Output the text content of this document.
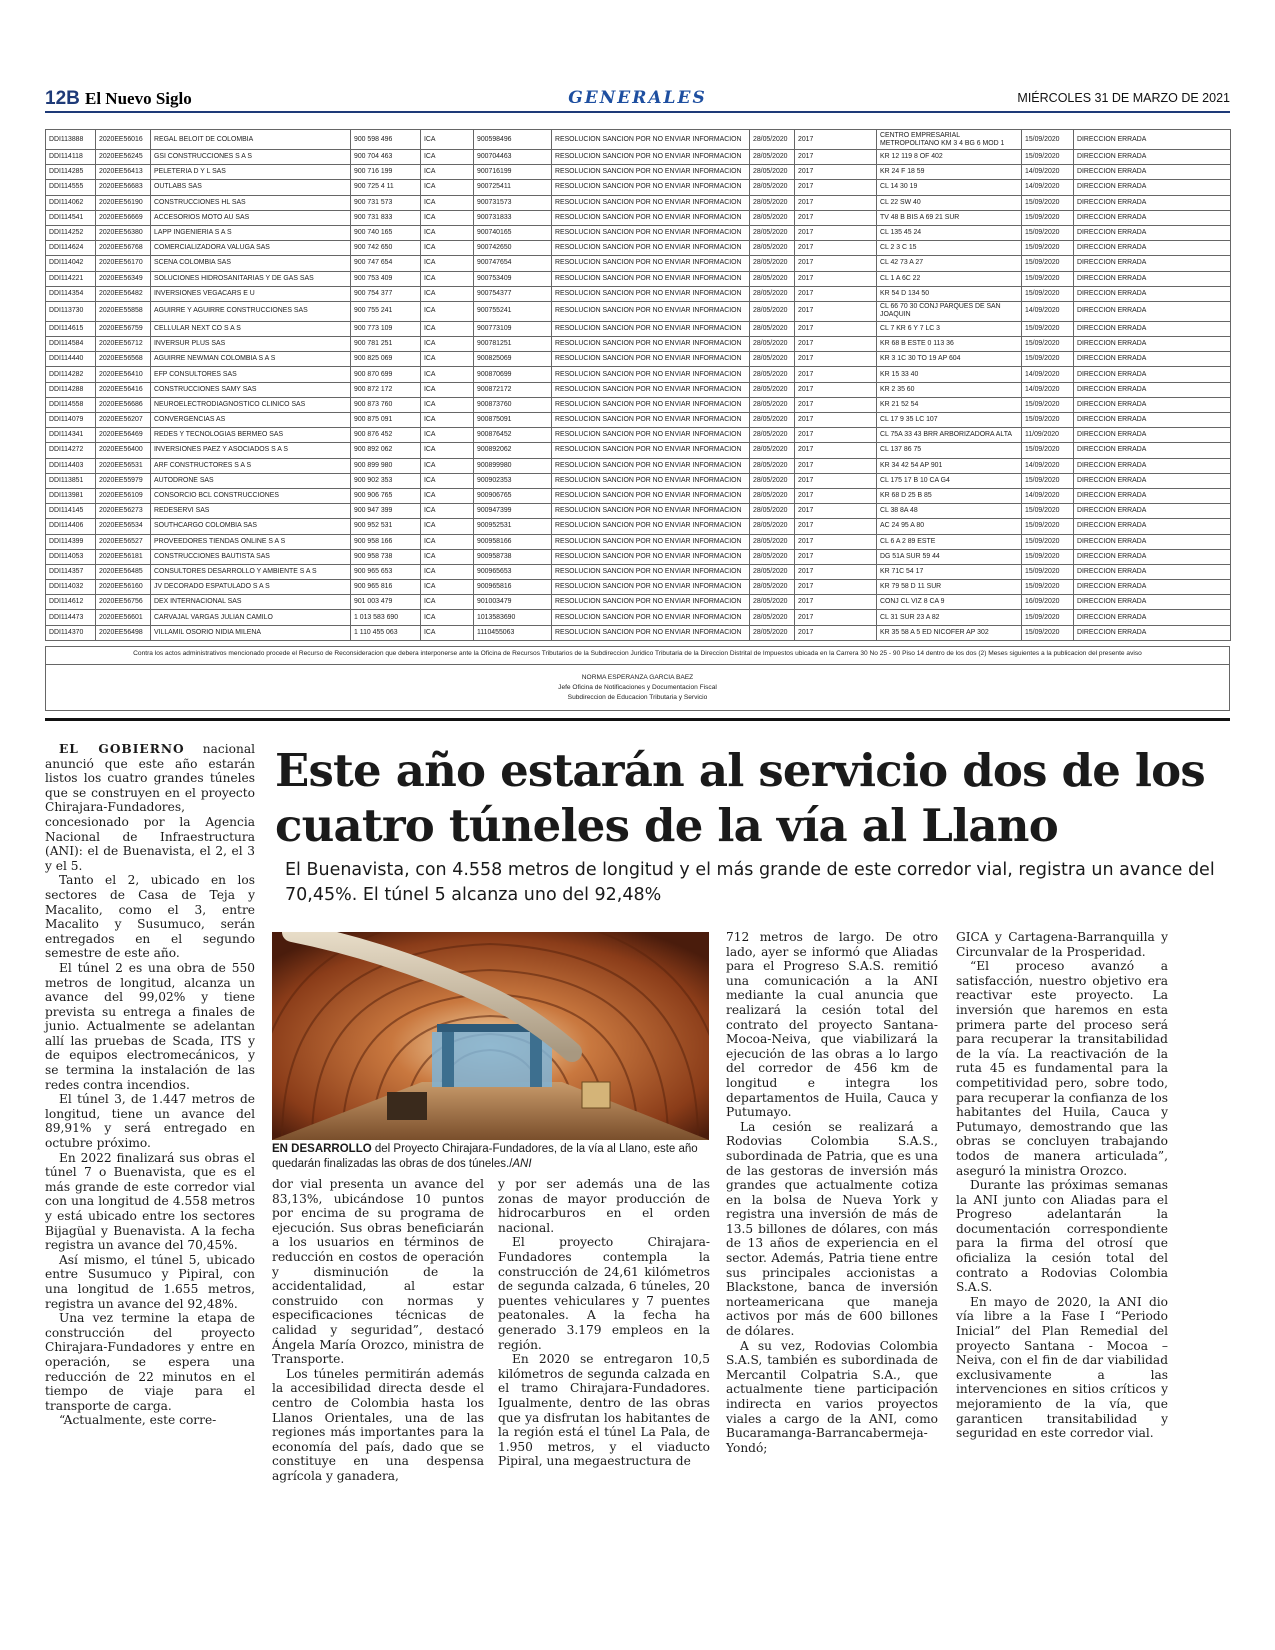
12B El Nuevo Siglo	GENERALES	MIÉRCOLES 31 DE MARZO DE 2021
DDI113888	2020EE56016	REGAL BELOIT DE COLOMBIA	900 598 496	ICA	900598496	RESOLUCION SANCION POR NO ENVIAR INFORMACION	28/05/2020	2017	CENTRO EMPRESARIAL METROPOLITANO KM 3 4 BG 6 MOD 1	15/09/2020	DIRECCION ERRADA
DDI114118	2020EE56245	GSI CONSTRUCCIONES S A S	900 704 463	ICA	900704463	RESOLUCION SANCION POR NO ENVIAR INFORMACION	28/05/2020	2017	KR 12 119 8 OF 402	15/09/2020	DIRECCION ERRADA
DDI114285	2020EE56413	PELETERIA D Y L SAS	900 716 199	ICA	900716199	RESOLUCION SANCION POR NO ENVIAR INFORMACION	28/05/2020	2017	KR 24 F 18 59	14/09/2020	DIRECCION ERRADA
DDI114555	2020EE56683	OUTLABS SAS	900 725 4 11	ICA	900725411	RESOLUCION SANCION POR NO ENVIAR INFORMACION	28/05/2020	2017	CL 14 30 19	14/09/2020	DIRECCION ERRADA
DDI114062	2020EE56190	CONSTRUCCIONES HL SAS	900 731 573	ICA	900731573	RESOLUCION SANCION POR NO ENVIAR INFORMACION	28/05/2020	2017	CL 22 SW 40	15/09/2020	DIRECCION ERRADA
DDI114541	2020EE56669	ACCESORIOS MOTO AU SAS	900 731 833	ICA	900731833	RESOLUCION SANCION POR NO ENVIAR INFORMACION	28/05/2020	2017	TV 48 B BIS A 69 21 SUR	15/09/2020	DIRECCION ERRADA
DDI114252	2020EE56380	LAPP INGENIERIA S A S	900 740 165	ICA	900740165	RESOLUCION SANCION POR NO ENVIAR INFORMACION	28/05/2020	2017	CL 135 45 24	15/09/2020	DIRECCION ERRADA
DDI114624	2020EE56768	COMERCIALIZADORA VALUGA SAS	900 742 650	ICA	900742650	RESOLUCION SANCION POR NO ENVIAR INFORMACION	28/05/2020	2017	CL 2 3 C 15	15/09/2020	DIRECCION ERRADA
DDI114042	2020EE56170	SCENA COLOMBIA SAS	900 747 654	ICA	900747654	RESOLUCION SANCION POR NO ENVIAR INFORMACION	28/05/2020	2017	CL 42 73 A 27	15/09/2020	DIRECCION ERRADA
DDI114221	2020EE56349	SOLUCIONES HIDROSANITARIAS Y DE GAS SAS	900 753 409	ICA	900753409	RESOLUCION SANCION POR NO ENVIAR INFORMACION	28/05/2020	2017	CL 1 A 6C 22	15/09/2020	DIRECCION ERRADA
DDI114354	2020EE56482	INVERSIONES VEGACARS E U	900 754 377	ICA	900754377	RESOLUCION SANCION POR NO ENVIAR INFORMACION	28/05/2020	2017	KR 54 D 134 50	15/09/2020	DIRECCION ERRADA
DDI113730	2020EE55858	AGUIRRE Y AGUIRRE CONSTRUCCIONES SAS	900 755 241	ICA	900755241	RESOLUCION SANCION POR NO ENVIAR INFORMACION	28/05/2020	2017	CL 66 70 30 CONJ PARQUES DE SAN JOAQUIN	14/09/2020	DIRECCION ERRADA
DDI114615	2020EE56759	CELLULAR NEXT CO S A S	900 773 109	ICA	900773109	RESOLUCION SANCION POR NO ENVIAR INFORMACION	28/05/2020	2017	CL 7 KR 6 Y 7 LC 3	15/09/2020	DIRECCION ERRADA
DDI114584	2020EE56712	INVERSUR PLUS SAS	900 781 251	ICA	900781251	RESOLUCION SANCION POR NO ENVIAR INFORMACION	28/05/2020	2017	KR 68 B ESTE 0 113 36	15/09/2020	DIRECCION ERRADA
DDI114440	2020EE56568	AGUIRRE NEWMAN COLOMBIA S A S	900 825 069	ICA	900825069	RESOLUCION SANCION POR NO ENVIAR INFORMACION	28/05/2020	2017	KR 3 1C 30 TO 19 AP 604	15/09/2020	DIRECCION ERRADA
DDI114282	2020EE56410	EFP CONSULTORES SAS	900 870 699	ICA	900870699	RESOLUCION SANCION POR NO ENVIAR INFORMACION	28/05/2020	2017	KR 15 33 40	14/09/2020	DIRECCION ERRADA
DDI114288	2020EE56416	CONSTRUCCIONES SAMY SAS	900 872 172	ICA	900872172	RESOLUCION SANCION POR NO ENVIAR INFORMACION	28/05/2020	2017	KR 2 35 60	14/09/2020	DIRECCION ERRADA
DDI114558	2020EE56686	NEUROELECTRODIAGNOSTICO CLINICO SAS	900 873 760	ICA	900873760	RESOLUCION SANCION POR NO ENVIAR INFORMACION	28/05/2020	2017	KR 21 52 54	15/09/2020	DIRECCION ERRADA
DDI114079	2020EE56207	CONVERGENCIAS AS	900 875 091	ICA	900875091	RESOLUCION SANCION POR NO ENVIAR INFORMACION	28/05/2020	2017	CL 17 9 35 LC 107	15/09/2020	DIRECCION ERRADA
DDI114341	2020EE56469	REDES Y TECNOLOGIAS BERMEO SAS	900 876 452	ICA	900876452	RESOLUCION SANCION POR NO ENVIAR INFORMACION	28/05/2020	2017	CL 75A 33 43 BRR ARBORIZADORA ALTA	11/09/2020	DIRECCION ERRADA
DDI114272	2020EE56400	INVERSIONES PAEZ Y ASOCIADOS S A S	900 892 062	ICA	900892062	RESOLUCION SANCION POR NO ENVIAR INFORMACION	28/05/2020	2017	CL 137 86 75	15/09/2020	DIRECCION ERRADA
DDI114403	2020EE56531	ARF CONSTRUCTORES S A S	900 899 980	ICA	900899980	RESOLUCION SANCION POR NO ENVIAR INFORMACION	28/05/2020	2017	KR 34 42 54 AP 901	14/09/2020	DIRECCION ERRADA
DDI113851	2020EE55979	AUTODRONE SAS	900 902 353	ICA	900902353	RESOLUCION SANCION POR NO ENVIAR INFORMACION	28/05/2020	2017	CL 175 17 B 10 CA G4	15/09/2020	DIRECCION ERRADA
DDI113981	2020EE56109	CONSORCIO BCL CONSTRUCCIONES	900 906 765	ICA	900906765	RESOLUCION SANCION POR NO ENVIAR INFORMACION	28/05/2020	2017	KR 68 D 25 B 85	14/09/2020	DIRECCION ERRADA
DDI114145	2020EE56273	REDESERVI SAS	900 947 399	ICA	900947399	RESOLUCION SANCION POR NO ENVIAR INFORMACION	28/05/2020	2017	CL 38 8A 48	15/09/2020	DIRECCION ERRADA
DDI114406	2020EE56534	SOUTHCARGO COLOMBIA SAS	900 952 531	ICA	900952531	RESOLUCION SANCION POR NO ENVIAR INFORMACION	28/05/2020	2017	AC 24 95 A 80	15/09/2020	DIRECCION ERRADA
DDI114399	2020EE56527	PROVEEDORES TIENDAS ONLINE S A S	900 958 166	ICA	900958166	RESOLUCION SANCION POR NO ENVIAR INFORMACION	28/05/2020	2017	CL 6 A 2 89 ESTE	15/09/2020	DIRECCION ERRADA
DDI114053	2020EE56181	CONSTRUCCIONES BAUTISTA SAS	900 958 738	ICA	900958738	RESOLUCION SANCION POR NO ENVIAR INFORMACION	28/05/2020	2017	DG 51A SUR 59 44	15/09/2020	DIRECCION ERRADA
DDI114357	2020EE56485	CONSULTORES DESARROLLO Y AMBIENTE S A S	900 965 653	ICA	900965653	RESOLUCION SANCION POR NO ENVIAR INFORMACION	28/05/2020	2017	KR 71C 54 17	15/09/2020	DIRECCION ERRADA
DDI114032	2020EE56160	JV DECORADO ESPATULADO S A S	900 965 816	ICA	900965816	RESOLUCION SANCION POR NO ENVIAR INFORMACION	28/05/2020	2017	KR 79 58 D 11 SUR	15/09/2020	DIRECCION ERRADA
DDI114612	2020EE56756	DEX INTERNACIONAL SAS	901 003 479	ICA	901003479	RESOLUCION SANCION POR NO ENVIAR INFORMACION	28/05/2020	2017	CONJ CL VIZ 8 CA 9	16/09/2020	DIRECCION ERRADA
DDI114473	2020EE56601	CARVAJAL VARGAS JULIAN CAMILO	1 013 583 690	ICA	1013583690	RESOLUCION SANCION POR NO ENVIAR INFORMACION	28/05/2020	2017	CL 31 SUR 23 A 82	15/09/2020	DIRECCION ERRADA
DDI114370	2020EE56498	VILLAMIL OSORIO NIDIA MILENA	1 110 455 063	ICA	1110455063	RESOLUCION SANCION POR NO ENVIAR INFORMACION	28/05/2020	2017	KR 35 58 A 5 ED NICOFER AP 302	15/09/2020	DIRECCION ERRADA
Contra los actos administrativos mencionado procede el Recurso de Reconsideracion que debera interponerse ante la Oficina de Recursos Tributarios de la Subdireccion Juridico Tributaria de la Direccion Distrital de Impuestos ubicada en la Carrera 30 No 25 - 90 Piso 14 dentro de los dos (2) Meses siguientes a la publicacion del presente aviso
NORMA ESPERANZA GARCIA BAEZ
Jefe Oficina de Notificaciones y Documentacion Fiscal
Subdireccion de Educacion Tributaria y Servicio

EL GOBIERNO nacional anunció que este año estarán listos los cuatro grandes túneles que se construyen en el proyecto Chirajara-Fundadores, concesionado por la Agencia Nacional de Infraestructura (ANI): el de Buenavista, el 2, el 3 y el 5.

Tanto el 2, ubicado en los sectores de Casa de Teja y Macalito, como el 3, entre Macalito y Susumuco, serán entregados en el segundo semestre de este año.

El túnel 2 es una obra de 550 metros de longitud, alcanza un avance del 99,02% y tiene prevista su entrega a finales de junio. Actualmente se adelantan allí las pruebas de Scada, ITS y de equipos electromecánicos, y se termina la instalación de las redes contra incendios.

El túnel 3, de 1.447 metros de longitud, tiene un avance del 89,91% y será entregado en octubre próximo.

En 2022 finalizará sus obras el túnel 7 o Buenavista, que es el más grande de este corredor vial con una longitud de 4.558 metros y está ubicado entre los sectores Bijagüal y Buenavista. A la fecha registra un avance del 70,45%.

Así mismo, el túnel 5, ubicado entre Susumuco y Pipiral, con una longitud de 1.655 metros, registra un avance del 92,48%.

Una vez termine la etapa de construcción del proyecto Chirajara-Fundadores y entre en operación, se espera una reducción de 22 minutos en el tiempo de viaje para el transporte de carga.

“Actualmente, este corre-

Este año estarán al servicio dos de los cuatro túneles de la vía al Llano

El Buenavista, con 4.558 metros de longitud y el más grande de este corredor vial, registra un avance del 70,45%. El túnel 5 alcanza uno del 92,48%

EN DESARROLLO del Proyecto Chirajara-Fundadores, de la vía al Llano, este año quedarán finalizadas las obras de dos túneles./ANI

dor vial presenta un avance del 83,13%, ubicándose 10 puntos por encima de su programa de ejecución. Sus obras beneficiarán a los usuarios en términos de reducción en costos de operación y disminución de la accidentalidad, al estar construido con normas y especificaciones técnicas de calidad y seguridad”, destacó Ángela María Orozco, ministra de Transporte.

Los túneles permitirán además la accesibilidad directa desde el centro de Colombia hasta los Llanos Orientales, una de las regiones más importantes para la economía del país, dado que se constituye en una despensa agrícola y ganadera,

y por ser además una de las zonas de mayor producción de hidrocarburos en el orden nacional.

El proyecto Chirajara-Fundadores contempla la construcción de 24,61 kilómetros de segunda calzada, 6 túneles, 20 puentes vehiculares y 7 puentes peatonales. A la fecha ha generado 3.179 empleos en la región.

En 2020 se entregaron 10,5 kilómetros de segunda calzada en el tramo Chirajara-Fundadores. Igualmente, dentro de las obras que ya disfrutan los habitantes de la región está el túnel La Pala, de 1.950 metros, y el viaducto Pipiral, una megaestructura de

712 metros de largo. De otro lado, ayer se informó que Aliadas para el Progreso S.A.S. remitió una comunicación a la ANI mediante la cual anuncia que realizará la cesión total del contrato del proyecto Santana-Mocoa-Neiva, que viabilizará la ejecución de las obras a lo largo del corredor de 456 km de longitud e integra los departamentos de Huila, Cauca y Putumayo.

La cesión se realizará a Rodovias Colombia S.A.S., subordinada de Patria, que es una de las gestoras de inversión más grandes que actualmente cotiza en la bolsa de Nueva York y registra una inversión de más de 13.5 billones de dólares, con más de 13 años de experiencia en el sector. Además, Patria tiene entre sus principales accionistas a Blackstone, banca de inversión norteamericana que maneja activos por más de 600 billones de dólares.

A su vez, Rodovias Colombia S.A.S, también es subordinada de Mercantil Colpatria S.A., que actualmente tiene participación indirecta en varios proyectos viales a cargo de la ANI, como Bucaramanga-Barrancabermeja-Yondó;

GICA y Cartagena-Barranquilla y Circunvalar de la Prosperidad.

“El proceso avanzó a satisfacción, nuestro objetivo era reactivar este proyecto. La inversión que haremos en esta primera parte del proceso será para recuperar la transitabilidad de la vía. La reactivación de la ruta 45 es fundamental para la competitividad pero, sobre todo, para recuperar la confianza de los habitantes del Huila, Cauca y Putumayo, demostrando que las obras se concluyen trabajando todos de manera articulada”, aseguró la ministra Orozco.

Durante las próximas semanas la ANI junto con Aliadas para el Progreso adelantarán la documentación correspondiente para la firma del otrosí que oficializa la cesión total del contrato a Rodovias Colombia S.A.S.

En mayo de 2020, la ANI dio vía libre a la Fase I “Periodo Inicial” del Plan Remedial del proyecto Santana - Mocoa – Neiva, con el fin de dar viabilidad exclusivamente a las intervenciones en sitios críticos y mejoramiento de la vía, que garanticen transitabilidad y seguridad en este corredor vial.
